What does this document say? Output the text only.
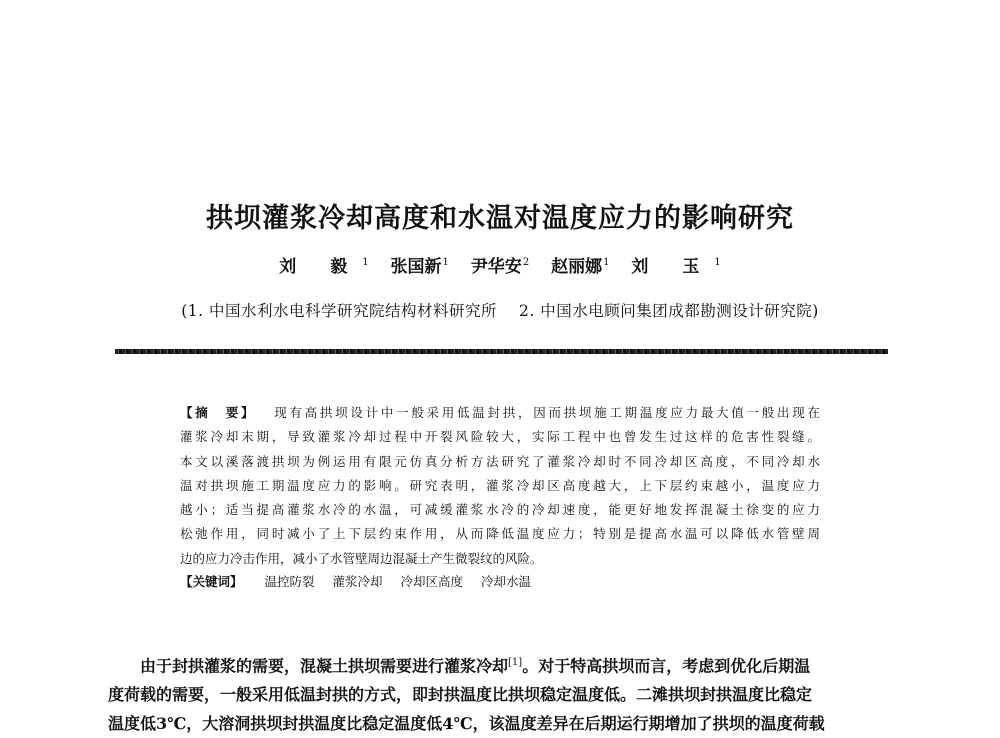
拱坝灌浆冷却高度和水温对温度应力的影响研究
刘 毅$^1$ 张国新$^1$ 尹华安$^2$ 赵丽娜$^1$ 刘 玉$^1$
(1. 中国水利水电科学研究院结构材料研究所 2. 中国水电顾问集团成都勘测设计研究院)
【摘　要】 现有高拱坝设计中一般采用低温封拱，因而拱坝施工期温度应力最大值一般出现在
灌浆冷却末期，导致灌浆冷却过程中开裂风险较大，实际工程中也曾发生过这样的危害性裂缝。
本文以溪落渡拱坝为例运用有限元仿真分析方法研究了灌浆冷却时不同冷却区高度，不同冷却水
温对拱坝施工期温度应力的影响。研究表明，灌浆冷却区高度越大，上下层约束越小，温度应力
越小；适当提高灌浆水冷的水温，可减缓灌浆水冷的冷却速度，能更好地发挥混凝土徐变的应力
松弛作用，同时减小了上下层约束作用，从而降低温度应力；特别是提高水温可以降低水管壁周
边的应力冷击作用，减小了水管壁周边混凝土产生微裂纹的风险。
【关键词】 温控防裂 灌浆冷却 冷却区高度 冷却水温
由于封拱灌浆的需要，混凝土拱坝需要进行灌浆冷却[1]。对于特高拱坝而言，考虑到优化后期温
度荷载的需要，一般采用低温封拱的方式，即封拱温度比拱坝稳定温度低。二滩拱坝封拱温度比稳定
温度低3℃，大溶洞拱坝封拱温度比稳定温度低4℃，该温度差异在后期运行期增加了拱坝的温度荷载
